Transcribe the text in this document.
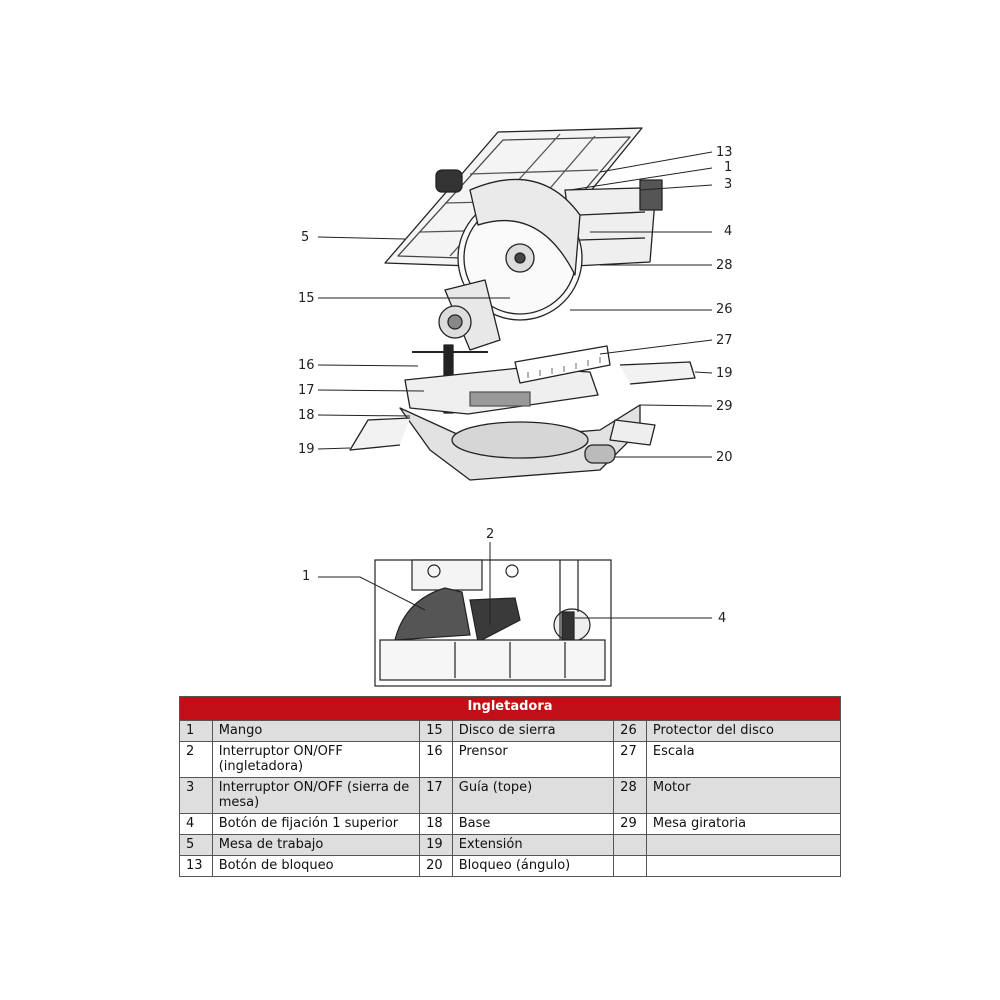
13
1
3
4
28
26
27
19
29
20
5
15
16
17
18
19
1
2
4
Ingletadora					
1	Mango	15	Disco de sierra	26	Protector del disco
2	Interruptor ON/OFF (ingletadora)	16	Prensor	27	Escala
3	Interruptor ON/OFF (sierra de mesa)	17	Guía (tope)	28	Motor
4	Botón de fijación 1 superior	18	Base	29	Mesa giratoria
5	Mesa de trabajo	19	Extensión		
13	Botón de bloqueo	20	Bloqueo (ángulo)		
